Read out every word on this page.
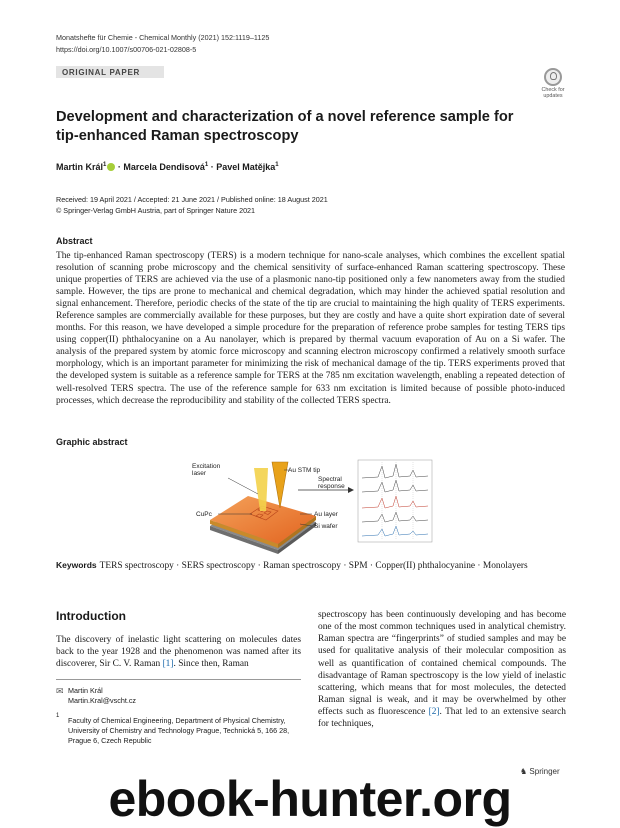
Monatshefte für Chemie - Chemical Monthly (2021) 152:1119–1125
https://doi.org/10.1007/s00706-021-02808-5
ORIGINAL PAPER
Check for
updates
Development and characterization of a novel reference sample for tip-enhanced Raman spectroscopy
Martin Král$^1$ · Marcela Dendisová$^1$ · Pavel Matějka$^1$
Received: 19 April 2021 / Accepted: 21 June 2021 / Published online: 18 August 2021
© Springer-Verlag GmbH Austria, part of Springer Nature 2021
Abstract

The tip-enhanced Raman spectroscopy (TERS) is a modern technique for nano-scale analyses, which combines the excellent spatial resolution of scanning probe microscopy and the chemical sensitivity of surface-enhanced Raman scattering spectroscopy. These unique properties of TERS are achieved via the use of a plasmonic nano-tip positioned only a few nanometers away from the studied sample. However, the tips are prone to mechanical and chemical degradation, which may hinder the achieved spatial resolution and signal enhancement. Therefore, periodic checks of the state of the tip are crucial to maintaining the high quality of TERS experiments. Reference samples are commercially available for these purposes, but they are costly and have a quite short expiration date of several months. For this reason, we have developed a simple procedure for the preparation of reference probe samples for testing TERS tips using copper(II) phthalocyanine on a Au nanolayer, which is prepared by thermal vacuum evaporation of Au on a Si wafer. The analysis of the prepared system by atomic force microscopy and scanning electron microscopy confirmed a relatively smooth surface morphology, which is an important parameter for minimizing the risk of mechanical damage of the tip. TERS experiments proved that the developed system is suitable as a reference sample for TERS at the 785 nm excitation wavelength, enabling a repeated detection of well-resolved TERS spectra. The use of the reference sample for 633 nm excitation is limited because of possible photo-induced processes, which decrease the reproducibility and stability of the collected TERS spectra.

Graphic abstract
Excitation
laser	Au STM tip
Spectral
response
CuPc	Au layer
Si wafer
Keywords TERS spectroscopy · SERS spectroscopy · Raman spectroscopy · SPM · Copper(II) phthalocyanine · Monolayers
Introduction

The discovery of inelastic light scattering on molecules dates back to the year 1928 and the phenomenon was named after its discoverer, Sir C. V. Raman [1]. Since then, Raman

spectroscopy has been continuously developing and has become one of the most common techniques used in analytical chemistry. Raman spectra are “fingerprints” of studied samples and may be used for qualitative analysis of their molecular composition as well as quantification of contained chemical compounds. The disadvantage of Raman spectroscopy is the low yield of inelastic scattering, which means that for most molecules, the detected Raman signal is weak, and it may be overwhelmed by other effects such as fluorescence [2]. That led to an extensive search for techniques,

✉ Martin Král
Martin.Kral@vscht.cz
1 Faculty of Chemical Engineering, Department of Physical Chemistry, University of Chemistry and Technology Prague, Technická 5, 166 28, Prague 6, Czech Republic
♞ Springer
ebook-hunter.org
